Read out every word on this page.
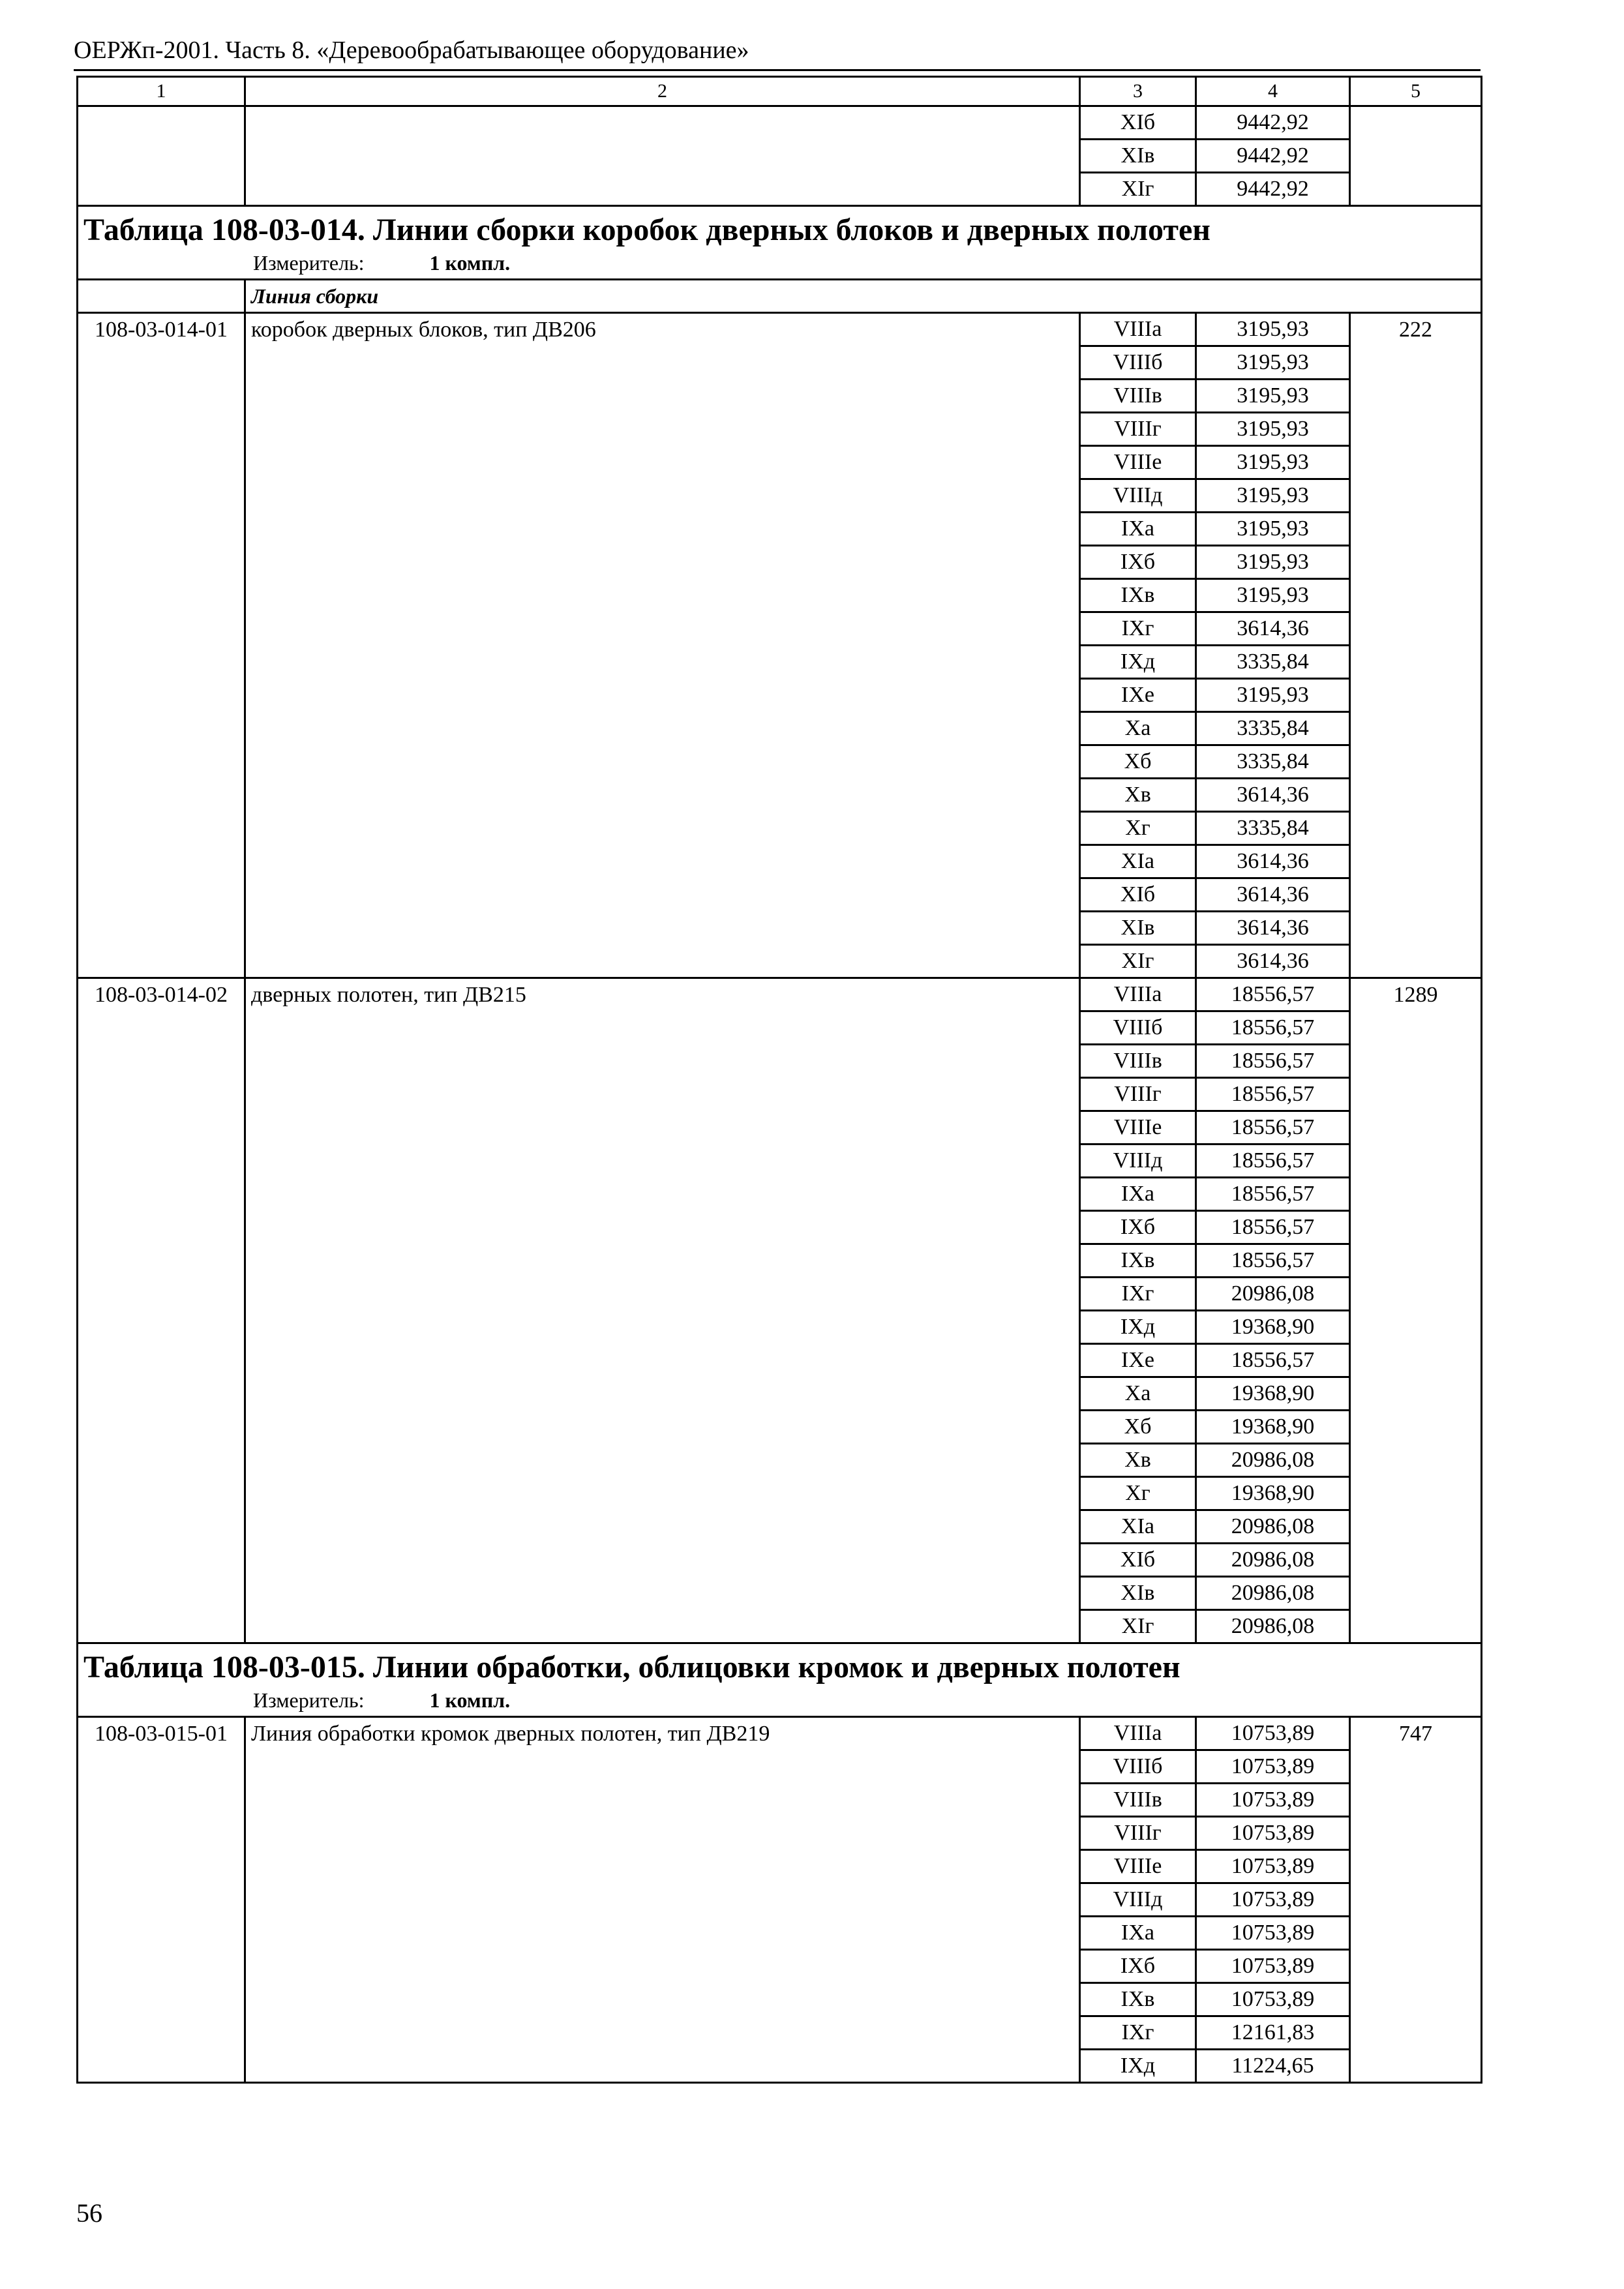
ОЕРЖп-2001. Часть 8. «Деревообрабатывающее оборудование»
1	2	3	4	5
		XIб	9442,92	
		XIв	9442,92	
		XIг	9442,92	

Таблица 108-03-014. Линии сборки коробок дверных блоков и дверных полотен
Измеритель: 1 компл.				

	Линия сборки			

108-03-014-01	коробок дверных блоков, тип ДВ206	VIIIа	3195,93	222
		VIIIб	3195,93	
		VIIIв	3195,93	
		VIIIг	3195,93	
		VIIIе	3195,93	
		VIIIд	3195,93	
		IXа	3195,93	
		IXб	3195,93	
		IXв	3195,93	
		IXг	3614,36	
		IXд	3335,84	
		IXе	3195,93	
		Xа	3335,84	
		Xб	3335,84	
		Xв	3614,36	
		Xг	3335,84	
		XIа	3614,36	
		XIб	3614,36	
		XIв	3614,36	
		XIг	3614,36	
108-03-014-02	дверных полотен, тип ДВ215	VIIIа	18556,57	1289
		VIIIб	18556,57	
		VIIIв	18556,57	
		VIIIг	18556,57	
		VIIIе	18556,57	
		VIIIд	18556,57	
		IXа	18556,57	
		IXб	18556,57	
		IXв	18556,57	
		IXг	20986,08	
		IXд	19368,90	
		IXе	18556,57	
		Xа	19368,90	
		Xб	19368,90	
		Xв	20986,08	
		Xг	19368,90	
		XIа	20986,08	
		XIб	20986,08	
		XIв	20986,08	
		XIг	20986,08	

Таблица 108-03-015. Линии обработки, облицовки кромок и дверных полотен
Измеритель: 1 компл.				

108-03-015-01	Линия обработки кромок дверных полотен, тип ДВ219	VIIIа	10753,89	747
		VIIIб	10753,89	
		VIIIв	10753,89	
		VIIIг	10753,89	
		VIIIе	10753,89	
		VIIIд	10753,89	
		IXа	10753,89	
		IXб	10753,89	
		IXв	10753,89	
		IXг	12161,83	
		IXд	11224,65	
56
